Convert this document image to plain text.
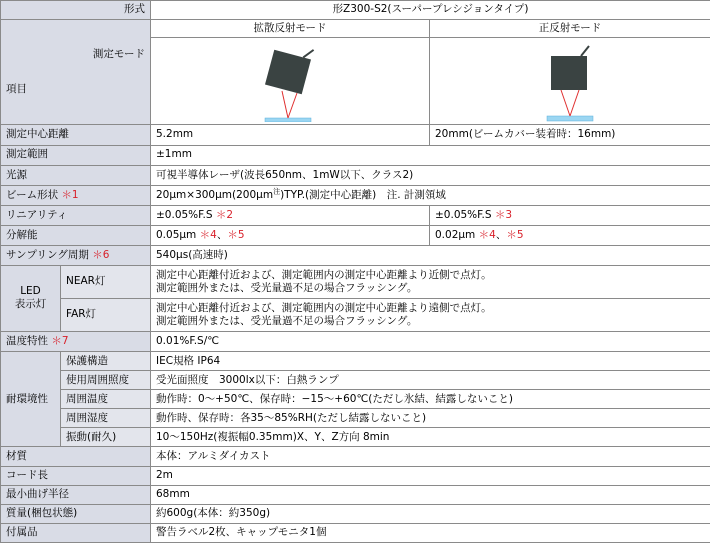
形式		形Z300-S2(スーパープレシジョンタイプ)	

測定モード
項目		拡散反射モード	正反射モード

測定中心距離		5.2mm	20mm(ビームカバー装着時：16mm)
測定範囲		±1mm	
光源		可視半導体レーザ(波長650nm、1mW以下、クラス2)	
ビーム形状 ＊1		$20\mu m\times 300\mu m(200\mu m^注)TYP$.(測定中心距離)　注. 計測領域	
リニアリティ		±0.05%F.S ＊2	±0.05%F.S ＊3
分解能		0.05μm ＊4、＊5	0.02μm ＊4、＊5
サンプリング周期 ＊6		540μs(高速時)	
LED
表示灯	NEAR灯	測定中心距離付近および、測定範囲内の測定中心距離より近側で点灯。
測定範囲外または、受光量過不足の場合フラッシング。	
	FAR灯	測定中心距離付近および、測定範囲内の測定中心距離より遠側で点灯。
測定範囲外または、受光量過不足の場合フラッシング。	
温度特性 ＊7		0.01%F.S/℃	
耐環境性	保護構造	IEC規格 IP64	
	使用周囲照度	受光面照度　3000lx以下：白熱ランプ	
	周囲温度	動作時：0～+50℃、保存時：−15～+60℃(ただし氷結、結露しないこと)	
	周囲湿度	動作時、保存時：各35～85%RH(ただし結露しないこと)	
	振動(耐久)	10～150Hz(複振幅0.35mm)X、Y、Z方向 8min	
材質		本体：アルミダイカスト	
コード長		2m	
最小曲げ半径		68mm	
質量(梱包状態)		約600g(本体：約350g)	
付属品		警告ラベル2枚、キャップモニタ1個	
